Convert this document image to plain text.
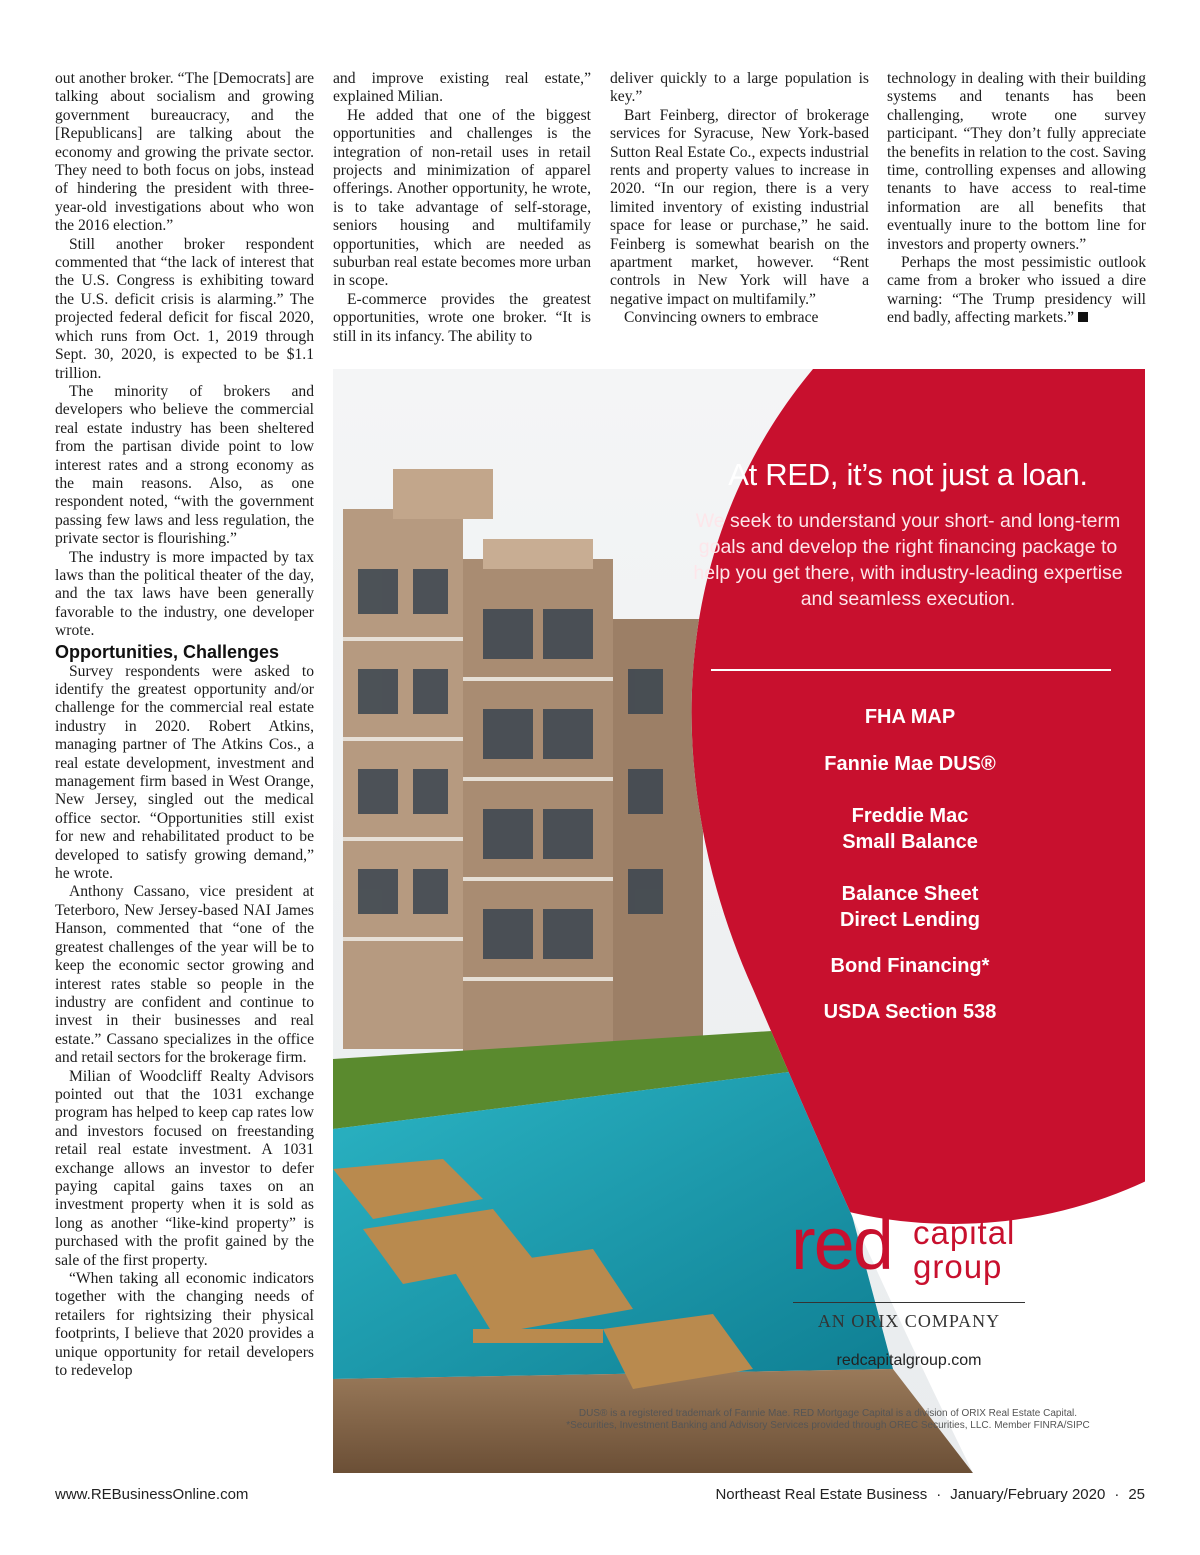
out another broker. “The [Democrats] are talking about socialism and growing government bureaucracy, and the [Republicans] are talking about the economy and growing the private sector. They need to both focus on jobs, instead of hindering the president with three-year-old investigations about who won the 2016 election.”

Still another broker respondent commented that “the lack of interest that the U.S. Congress is exhibiting toward the U.S. deficit crisis is alarming.” The projected federal deficit for fiscal 2020, which runs from Oct. 1, 2019 through Sept. 30, 2020, is expected to be $1.1 trillion.

The minority of brokers and developers who believe the commercial real estate industry has been sheltered from the partisan divide point to low interest rates and a strong economy as the main reasons. Also, as one respondent noted, “with the government passing few laws and less regulation, the private sector is flourishing.”

The industry is more impacted by tax laws than the political theater of the day, and the tax laws have been generally favorable to the industry, one developer wrote.

Opportunities, Challenges

Survey respondents were asked to identify the greatest opportunity and/or challenge for the commercial real estate industry in 2020. Robert Atkins, managing partner of The Atkins Cos., a real estate development, investment and management firm based in West Orange, New Jersey, singled out the medical office sector. “Opportunities still exist for new and rehabilitated product to be developed to satisfy growing demand,” he wrote.

Anthony Cassano, vice president at Teterboro, New Jersey-based NAI James Hanson, commented that “one of the greatest challenges of the year will be to keep the economic sector growing and interest rates stable so people in the industry are confident and continue to invest in their businesses and real estate.” Cassano specializes in the office and retail sectors for the brokerage firm.

Milian of Woodcliff Realty Advisors pointed out that the 1031 exchange program has helped to keep cap rates low and investors focused on freestanding retail real estate investment. A 1031 exchange allows an investor to defer paying capital gains taxes on an investment property when it is sold as long as another “like-kind property” is purchased with the profit gained by the sale of the first property.

“When taking all economic indicators together with the changing needs of retailers for rightsizing their physical footprints, I believe that 2020 provides a unique opportunity for retail developers to redevelop

and improve existing real estate,” explained Milian.

He added that one of the biggest opportunities and challenges is the integration of non-retail uses in retail projects and minimization of apparel offerings. Another opportunity, he wrote, is to take advantage of self-storage, seniors housing and multifamily opportunities, which are needed as suburban real estate becomes more urban in scope.

E-commerce provides the greatest opportunities, wrote one broker. “It is still in its infancy. The ability to

deliver quickly to a large population is key.”

Bart Feinberg, director of brokerage services for Syracuse, New York-based Sutton Real Estate Co., expects industrial rents and property values to increase in 2020. “In our region, there is a very limited inventory of existing industrial space for lease or purchase,” he said. Feinberg is somewhat bearish on the apartment market, however. “Rent controls in New York will have a negative impact on multifamily.”

Convincing owners to embrace

technology in dealing with their building systems and tenants has been challenging, wrote one survey participant. “They don’t fully appreciate the benefits in relation to the cost. Saving time, controlling expenses and allowing tenants to have access to real-time information are all benefits that eventually inure to the bottom line for investors and property owners.”

Perhaps the most pessimistic outlook came from a broker who issued a dire warning: “The Trump presidency will end badly, affecting markets.”

At RED, it’s not just a loan.
We seek to understand your short- and long-term goals and develop the right financing package to help you get there, with industry-leading expertise and seamless execution.
FHA MAP
Fannie Mae DUS®
Freddie Mac
Small Balance
Balance Sheet
Direct Lending
Bond Financing*
USDA Section 538
red capital
group
AN ORIX COMPANY
redcapitalgroup.com
DUS® is a registered trademark of Fannie Mae. RED Mortgage Capital is a division of ORIX Real Estate Capital. *Securities, Investment Banking and Advisory Services provided through OREC Securities, LLC. Member FINRA/SIPC
www.REBusinessOnline.com	Northeast Real Estate Business · January/February 2020 · 25
